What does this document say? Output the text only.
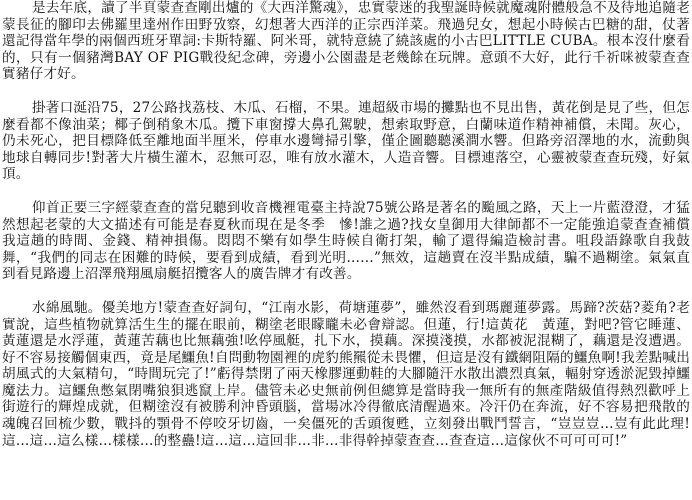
是去年底，讀了半頁蒙查查剛出爐的《大西洋驚魂》，忠實蒙迷的我聖誕時候就魔魂附體般急不及待地追隨老蒙長征的腳印去佛羅里達州作田野攷察，幻想著大西洋的正宗西洋菜。飛過兒女，想起小時候古巴糖的甜，仗著還記得當年學的兩個西班牙單詞:卡斯特羅、阿米哥，就特意繞了繞該處的小古巴LITTLE CUBA。根本沒什麼看的，只有一個豬灣BAY OF PIG戰役紀念碑，旁邊小公園盡是老幾餘在玩牌。意頭不大好，此行千祈咪被蒙查查實豬仔才好。

掛著口涎沿75，27公路找荔枝、木瓜、石榴，不果。連超級市場的攤點也不見出售，黃花倒是見了些，但怎麼看都不像油菜；椰子倒稍象木瓜。攬下車窗撐大鼻孔駕駛，想索取野意，白蘭味道作精神補償，未聞。灰心，仍未死心，把目標降低至離地面半厘米，停車水邊彎掃引擎，僅企圖聽聽溪澗水響。但路旁沼澤地的水，流動與地球自轉同步!對著大片橫生灌木，忍無可忍，唯有放水灌木，人造音響。目標連落空，心靈被蒙查查玩殘，好氣頂。

仰首正要三字經蒙查查的當兒聽到收音機裡電臺主持說75號公路是著名的颱風之路，天上一片藍澄澄，才猛然想起老蒙的大文描述有可能是春夏秋而現在是冬季　慘!誰之過?找女皇御用大律師都不一定能強追蒙查查補償我這趟的時間、金錢、精神損傷。悶悶不樂有如學生時候自衛打架，輸了還得編造檢討書。咀段語錄歌自我鼓舞，“我們的同志在困難的時候，要看到成績，看到光明……”無效，這趟賣在沒半點成績，騙不過糊塗。氣氣直到看見路邊上沼澤飛翔風扇艇招攬客人的廣告牌才有改善。

水綿風馳。優美地方!蒙查查好詞句，“江南水影，荷塘蓮夢”，雖然沒看到瑪麗蓮夢露。馬蹄?茨菇?菱角?老實說，這些植物就算活生生的擺在眼前，糊塗老眼矇矓未必會辯認。但蓮，行!這黃花　黃蓮，對吧?管它睡蓮、黃蓮還是水浮蓮，黃蓮苦藕也比無藕強!吆停風艇，扎下水，摸藕。深摸淺摸，水都被泥混糊了，藕還是沒遭遇。好不容易接觸個東西，竟是尾鱷魚!自問動物園裡的虎豹熊羆從未畏懼，但這是沒有鐵網阻隔的鱷魚啊!我差點喊出胡風式的大氣精句，“時間玩完了!”虧得禁閉了兩天橡膠運動鞋的大腳隨汗水散出濃烈真氣，輻射穿透淤泥毀掉鱷魔法力。這鱷魚憋氣閉嘴狼狽逃竄上岸。儘管未必史無前例但總算是當時我一無所有的無產階級值得熱烈歡呼上街遊行的輝煌成就，但糊塗沒有被勝利沖昏頭腦，當場冰冷得徹底清醒過來。冷汗仍在奔流，好不容易把飛散的魂魄召回梳少數，戰抖的顎骨不停咬牙切齒，一矣僵死的舌頭復甦，立刻發出戰鬥誓言，“豈豈豈…豈有此此理!這…這…這么樣…樣樣…的整蠱!這…這…這回非…非…非得幹掉蒙查查…查查這…這傢伙不可可可可!”
